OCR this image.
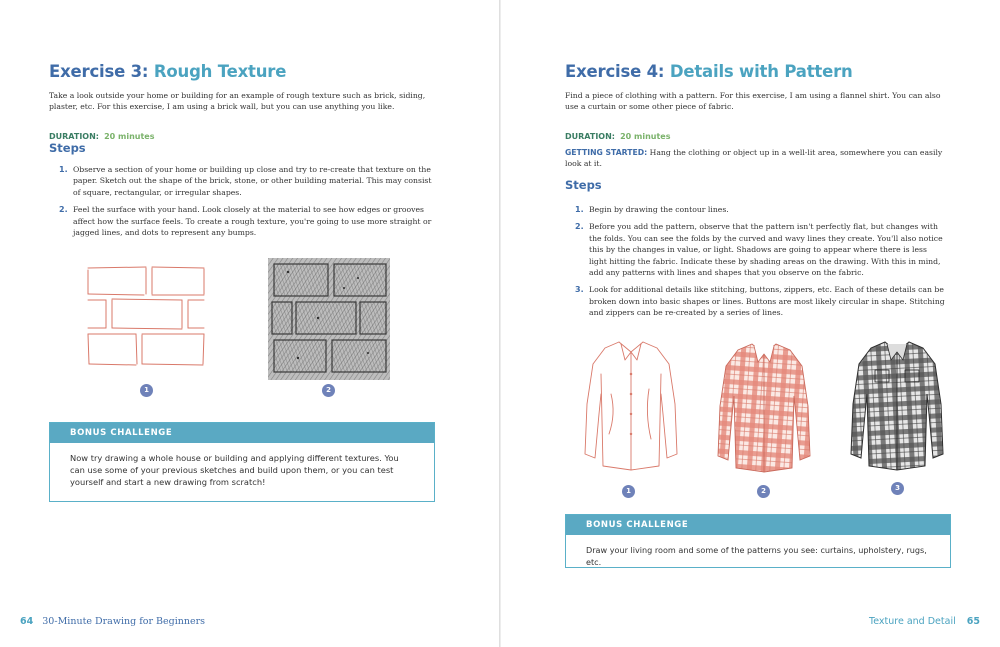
Exercise 3: Rough Texture

Take a look outside your home or building for an example of rough texture such as brick, siding, plaster, etc. For this exercise, I am using a brick wall, but you can use anything you like.

DURATION: 20 minutes
Steps
1. Observe a section of your home or building up close and try to re-create that texture on the paper. Sketch out the shape of the brick, stone, or other building material. This may consist of square, rectangular, or irregular shapes.
2. Feel the surface with your hand. Look closely at the material to see how edges or grooves affect how the surface feels. To create a rough texture, you're going to use more straight or jagged lines, and dots to represent any bumps.
1	2
BONUS CHALLENGE
Now try drawing a whole house or building and applying different textures. You can use some of your previous sketches and build upon them, or you can test yourself and start a new drawing from scratch!
64 30-Minute Drawing for Beginners
Exercise 4: Details with Pattern

Find a piece of clothing with a pattern. For this exercise, I am using a flannel shirt. You can also use a curtain or some other piece of fabric.

DURATION: 20 minutes

GETTING STARTED: Hang the clothing or object up in a well-lit area, somewhere you can easily look at it.

Steps
1. Begin by drawing the contour lines.
2. Before you add the pattern, observe that the pattern isn't perfectly flat, but changes with the folds. You can see the folds by the curved and wavy lines they create. You'll also notice this by the changes in value, or light. Shadows are going to appear where there is less light hitting the fabric. Indicate these by shading areas on the drawing. With this in mind, add any patterns with lines and shapes that you observe on the fabric.
3. Look for additional details like stitching, buttons, zippers, etc. Each of these details can be broken down into basic shapes or lines. Buttons are most likely circular in shape. Stitching and zippers can be re-created by a series of lines.
1	2	3
BONUS CHALLENGE
Draw your living room and some of the patterns you see: curtains, upholstery, rugs, etc.
Texture and Detail 65
